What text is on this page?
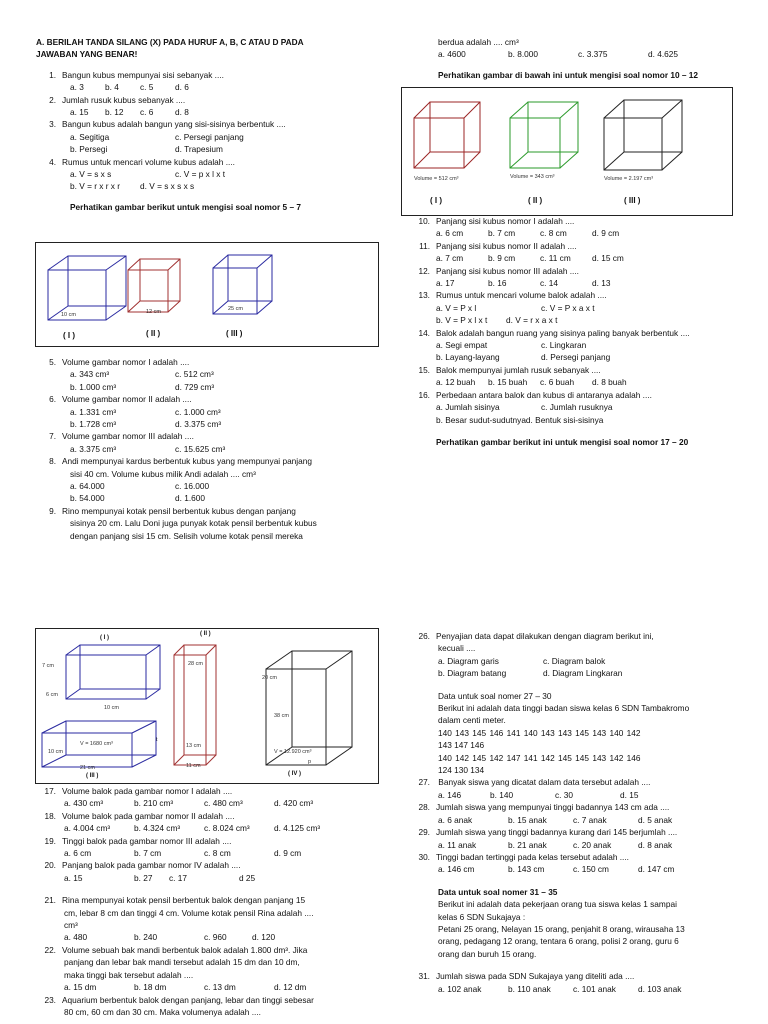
A. BERILAH TANDA SILANG (X) PADA HURUF A, B, C ATAU D PADA
JAWABAN YANG BENAR!
1. Bangun kubus mempunyai sisi sebanyak ....
a. 3	b. 4	c. 5	d. 6
2. Jumlah rusuk kubus sebanyak ....
a. 15	b. 12	c. 6	d. 8
3. Bangun kubus adalah bangun yang sisi-sisinya berbentuk ....
a. Segitiga	c. Persegi panjang
b. Persegi	d. Trapesium
4. Rumus untuk mencari volume kubus adalah ....
a. V = s x s	c. V = p x l x t
b. V = r x r x r	d. V = s x s x s
Perhatikan gambar berikut untuk mengisi soal nomor 5 – 7
10 cm	12 cm	25 cm
( I )	( II )	( III )
5. Volume gambar nomor I adalah ....
a. 343 cm³	c. 512 cm³
b. 1.000 cm³	d. 729 cm³
6. Volume gambar nomor II adalah ....
a. 1.331 cm³	c. 1.000 cm³
b. 1.728 cm³	d. 3.375 cm³
7. Volume gambar nomor III adalah ....
a. 3.375 cm³	c. 15.625 cm³
8. Andi mempunyai kardus berbentuk kubus yang mempunyai panjang
sisi 40 cm. Volume kubus milik Andi adalah .... cm³
a. 64.000	c. 16.000
b. 54.000	d. 1.600
9. Rino mempunyai kotak pensil berbentuk kubus dengan panjang
sisinya 20 cm. Lalu Doni juga punyak kotak pensil berbentuk kubus
dengan panjang sisi 15 cm. Selisih volume kotak pensil mereka
berdua adalah .... cm³
a. 4600	b. 8.000	c. 3.375	d. 4.625
Perhatikan gambar di bawah ini untuk mengisi soal nomor 10 – 12
Volume = 512 cm³	Volume = 343 cm³	Volume = 2.197 cm³
( I )	( II )	( III )
10. Panjang sisi kubus nomor I adalah ....
a. 6 cm	b. 7 cm	c. 8 cm	d. 9 cm
11. Panjang sisi kubus nomor II adalah ....
a. 7 cm	b. 9 cm	c. 11 cm	d. 15 cm
12. Panjang sisi kubus nomor III adalah ....
a. 17	b. 16	c. 14	d. 13
13. Rumus untuk mencari volume balok adalah ....
a. V = P x l	c. V = P x a x t
b. V = P x l x t	d. V = r x a x t
14. Balok adalah bangun ruang yang sisinya paling banyak berbentuk ....
a. Segi empat	c. Lingkaran
b. Layang-layang	d. Persegi panjang
15. Balok mempunyai jumlah rusuk sebanyak ....
a. 12 buah	b. 15 buah	c. 6 buah	d. 8 buah
16. Perbedaan antara balok dan kubus di antaranya adalah ....
a. Jumlah sisinya	c. Jumlah rusuknya
b. Besar sudut-sudutnyad. Bentuk sisi-sisinya
Perhatikan gambar berikut ini untuk mengisi soal nomor 17 – 20
( I )
( II )
( III )	( IV )
7 cm
6 cm
10 cm
28 cm
20 cm
38 cm
13 cm
11 cm
21 cm
10 cm
V = 1680 cm³
V = 12.920 cm³
t
p
17. Volume balok pada gambar nomor I adalah ....
a. 430 cm³	b. 210 cm³	c. 480 cm³	d. 420 cm³
18. Volume balok pada gambar nomor II adalah ....
a. 4.004 cm³	b. 4.324 cm³	c. 8.024 cm³	d. 4.125 cm³
19. Tinggi balok pada gambar nomor III adalah ....
a. 6 cm	b. 7 cm	c. 8 cm	d. 9 cm
20. Panjang balok pada gambar nomor IV adalah ....
a. 15	b. 27	c. 17	d 25
21. Rina mempunyai kotak pensil berbentuk balok dengan panjang 15
cm, lebar 8 cm dan tinggi 4 cm. Volume kotak pensil Rina adalah ....
cm³
a. 480	b. 240	c. 960	d. 120
22. Volume sebuah bak mandi berbentuk balok adalah 1.800 dm³. Jika
panjang dan lebar bak mandi tersebut adalah 15 dm dan 10 dm,
maka tinggi bak tersebut adalah ....
a. 15 dm	b. 18 dm	c. 13 dm	d. 12 dm
23. Aquarium berbentuk balok dengan panjang, lebar dan tinggi sebesar
80 cm, 60 cm dan 30 cm. Maka volumenya adalah ....
26. Penyajian data dapat dilakukan dengan diagram berikut ini,
kecuali ....
a. Diagram garis	c. Diagram balok
b. Diagram batang	d. Diagram Lingkaran
Data untuk soal nomer 27 – 30
Berikut ini adalah data tinggi badan siswa kelas 6 SDN Tambakromo
dalam centi meter.
140 143 145 146 141 140 143 143 145 143 140 142
143 147 146
140 142 145 142 147 141 142 145 145 143 142 146
124 130 134
27. Banyak siswa yang dicatat dalam data tersebut adalah ....
a. 146	b. 140	c. 30	d. 15
28. Jumlah siswa yang mempunyai tinggi badannya 143 cm ada ....
a. 6 anak	b. 15 anak	c. 7 anak	d. 5 anak
29. Jumlah siswa yang tinggi badannya kurang dari 145 berjumlah ....
a. 11 anak	b. 21 anak	c. 20 anak	d. 8 anak
30. Tinggi badan tertinggi pada kelas tersebut adalah ....
a. 146 cm	b. 143 cm	c. 150 cm	d. 147 cm
Data untuk soal nomer 31 – 35
Berikut ini adalah data pekerjaan orang tua siswa kelas 1 sampai
kelas 6 SDN Sukajaya :
Petani 25 orang, Nelayan 15 orang, penjahit 8 orang, wirausaha 13
orang, pedagang 12 orang, tentara 6 orang, polisi 2 orang, guru 6
orang dan buruh 15 orang.
31. Jumlah siswa pada SDN Sukajaya yang diteliti ada ....
a. 102 anak	b. 110 anak	c. 101 anak	d. 103 anak
